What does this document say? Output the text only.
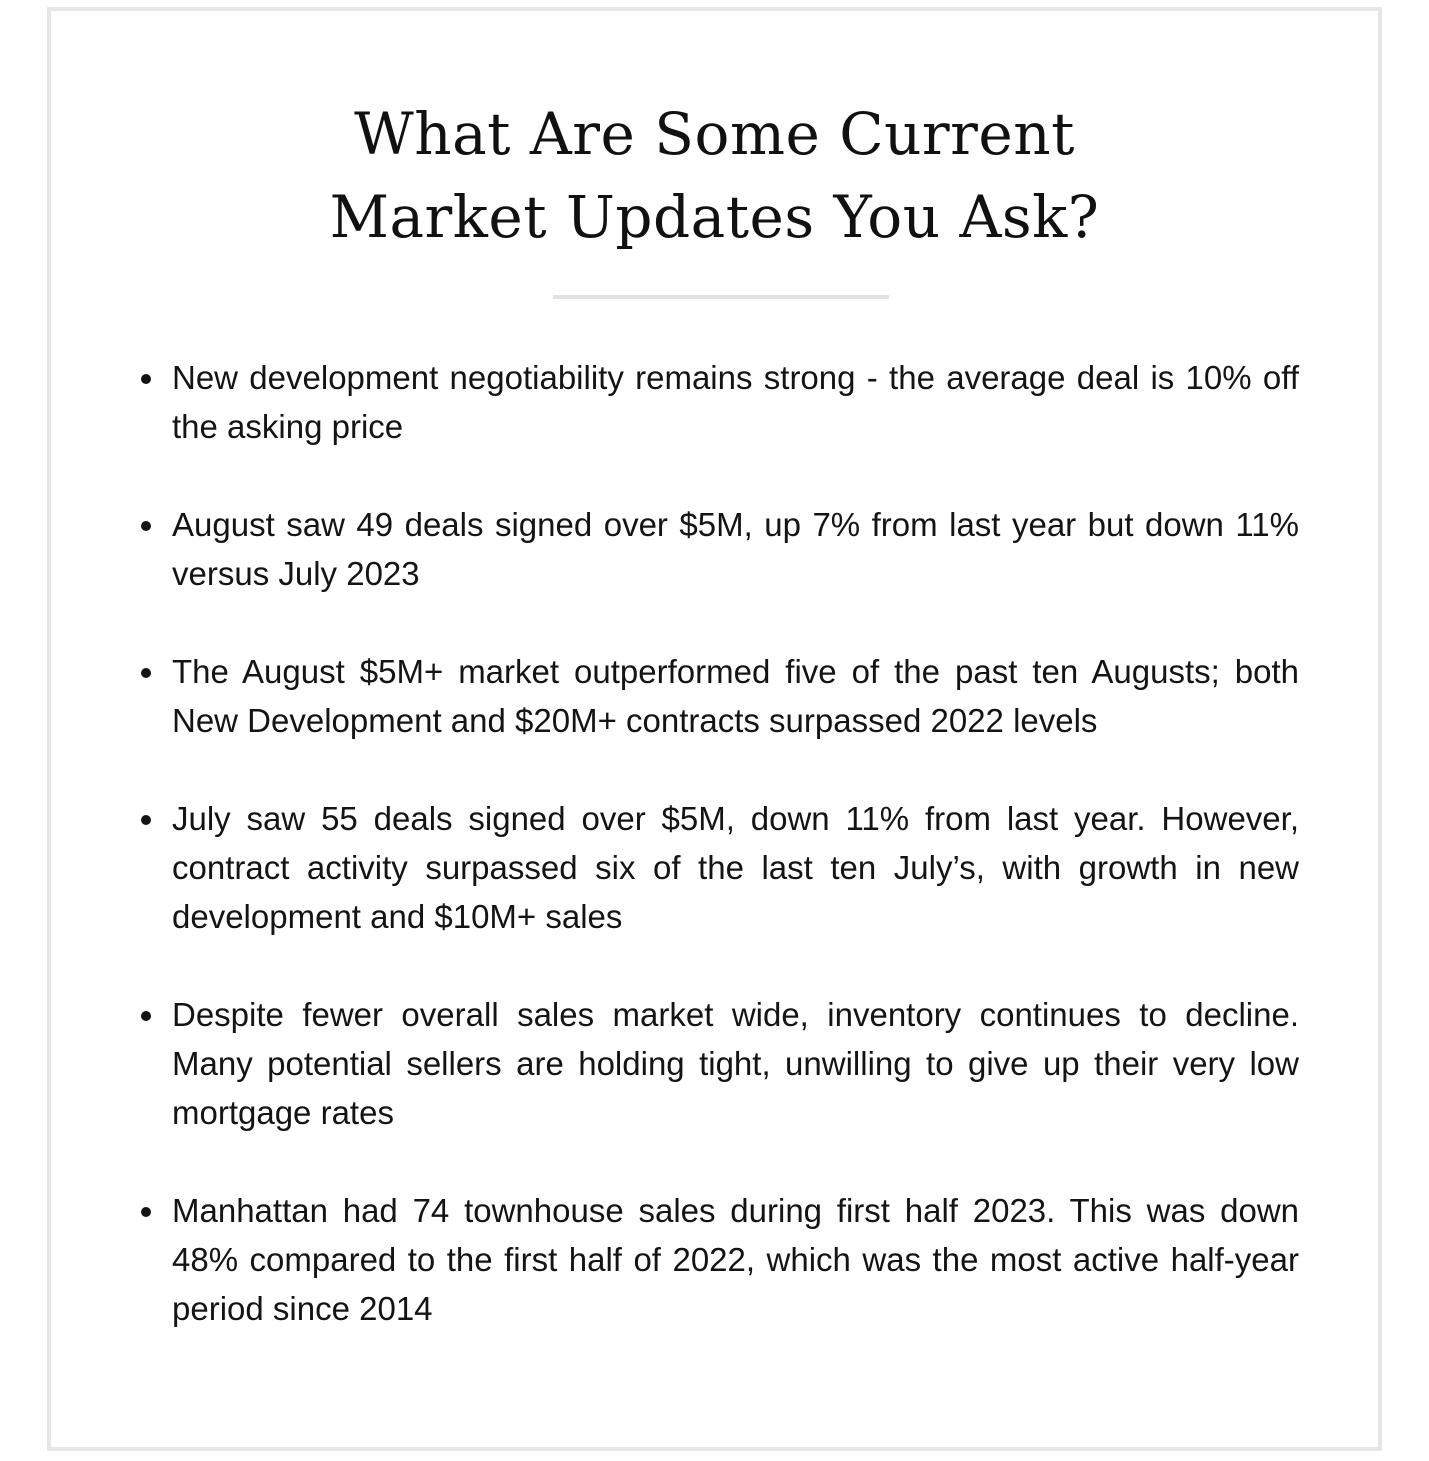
What Are Some Current
Market Updates You Ask?
New development negotiability remains strong - the average deal is 10% off the asking price
August saw 49 deals signed over $5M, up 7% from last year but down 11% versus July 2023
The August $5M+ market outperformed five of the past ten Augusts; both New Development and $20M+ contracts surpassed 2022 levels
July saw 55 deals signed over $5M, down 11% from last year. However, contract activity surpassed six of the last ten July’s, with growth in new development and $10M+ sales
Despite fewer overall sales market wide, inventory continues to decline. Many potential sellers are holding tight, unwilling to give up their very low mortgage rates
Manhattan had 74 townhouse sales during first half 2023. This was down 48% compared to the first half of 2022, which was the most active half-year period since 2014
